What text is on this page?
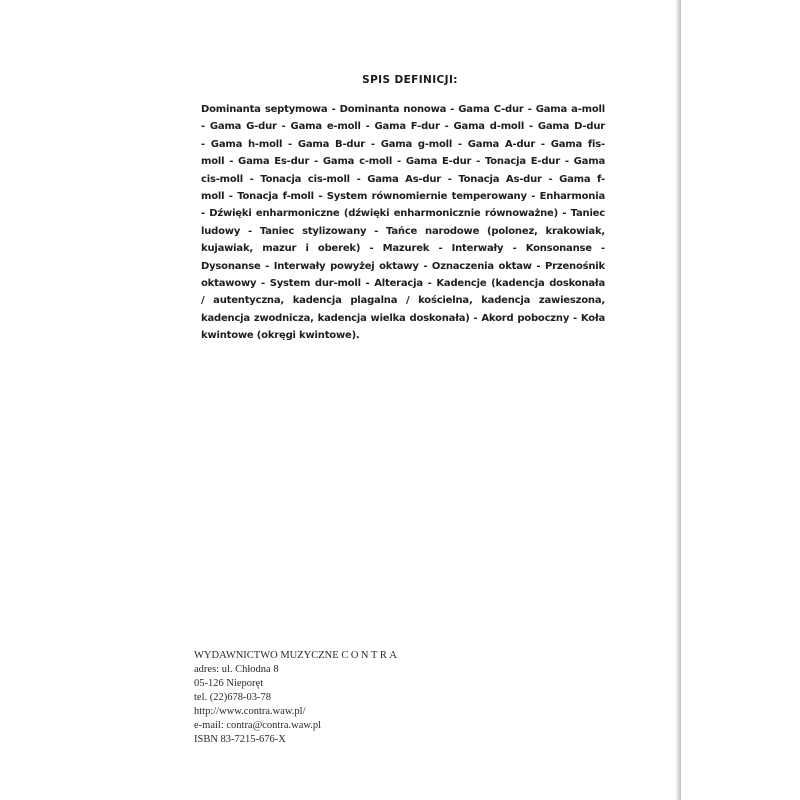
SPIS DEFINICJI:
Dominanta septymowa - Dominanta nonowa - Gama C-dur - Gama a-moll
- Gama G-dur - Gama e-moll - Gama F-dur - Gama d-moll - Gama D-dur
- Gama h-moll - Gama B-dur - Gama g-moll - Gama A-dur - Gama fis-
moll - Gama Es-dur - Gama c-moll - Gama E-dur - Tonacja E-dur - Gama
cis-moll - Tonacja cis-moll - Gama As-dur - Tonacja As-dur - Gama f-
moll - Tonacja f-moll - System równomiernie temperowany - Enharmonia
- Dźwięki enharmoniczne (dźwięki enharmonicznie równoważne) - Taniec
ludowy - Taniec stylizowany - Tańce narodowe (polonez, krakowiak,
kujawiak, mazur i oberek) - Mazurek - Interwały - Konsonanse -
Dysonanse - Interwały powyżej oktawy - Oznaczenia oktaw - Przenośnik
oktawowy - System dur-moll - Alteracja - Kadencje (kadencja doskonała
/ autentyczna, kadencja plagalna / kościelna, kadencja zawieszona,
kadencja zwodnicza, kadencja wielka doskonała) - Akord poboczny - Koła
kwintowe (okręgi kwintowe).
WYDAWNICTWO MUZYCZNE CONTRA
adres: ul. Chłodna 8
05-126 Nieporęt
tel. (22)678-03-78
http://www.contra.waw.pl/
e-mail: contra@contra.waw.pl
ISBN 83-7215-676-X
